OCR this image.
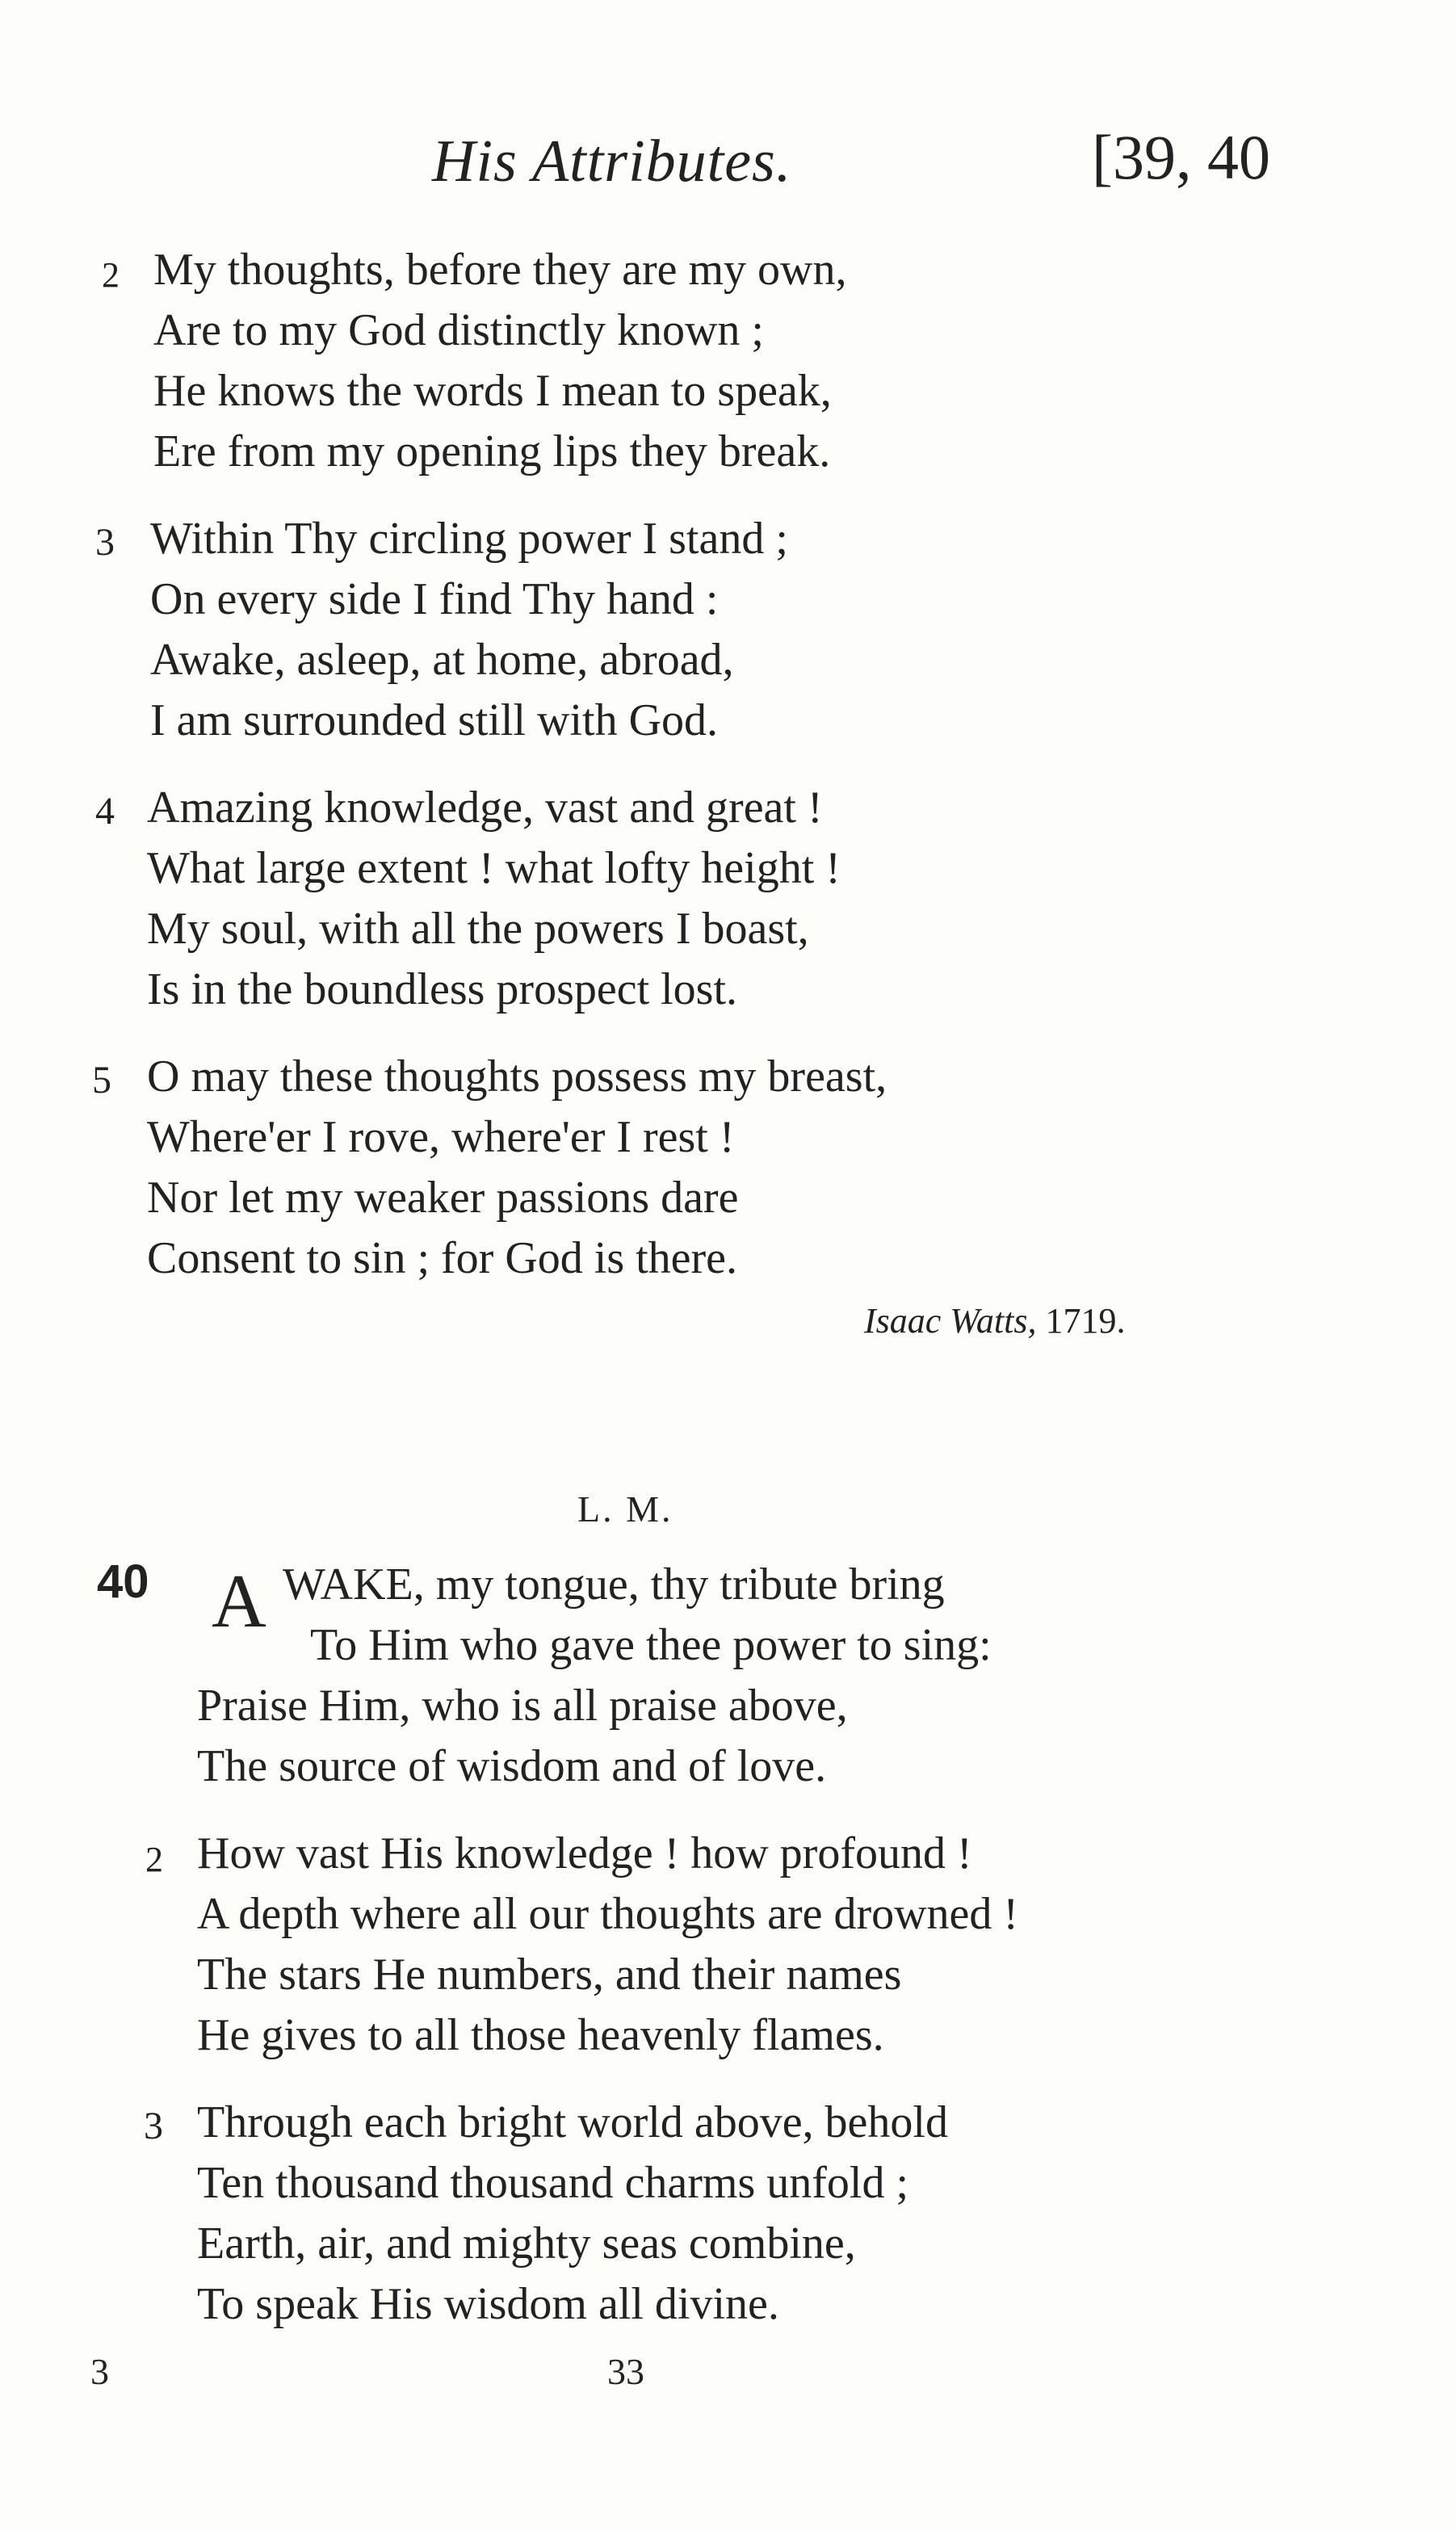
His Attributes.	[39, 40
2 My thoughts, before they are my own,
Are to my God distinctly known ;
He knows the words I mean to speak,
Ere from my opening lips they break.
3 Within Thy circling power I stand ;
On every side I find Thy hand :
Awake, asleep, at home, abroad,
I am surrounded still with God.
4 Amazing knowledge, vast and great !
What large extent ! what lofty height !
My soul, with all the powers I boast,
Is in the boundless prospect lost.
5 O may these thoughts possess my breast,
Where'er I rove, where'er I rest !
Nor let my weaker passions dare
Consent to sin ; for God is there.
Isaac Watts, 1719.
L. M.
40 A WAKE, my tongue, thy tribute bring
To Him who gave thee power to sing:
Praise Him, who is all praise above,
The source of wisdom and of love.
2 How vast His knowledge ! how profound !
A depth where all our thoughts are drowned !
The stars He numbers, and their names
He gives to all those heavenly flames.
3 Through each bright world above, behold
Ten thousand thousand charms unfold ;
Earth, air, and mighty seas combine,
To speak His wisdom all divine.
3	33
